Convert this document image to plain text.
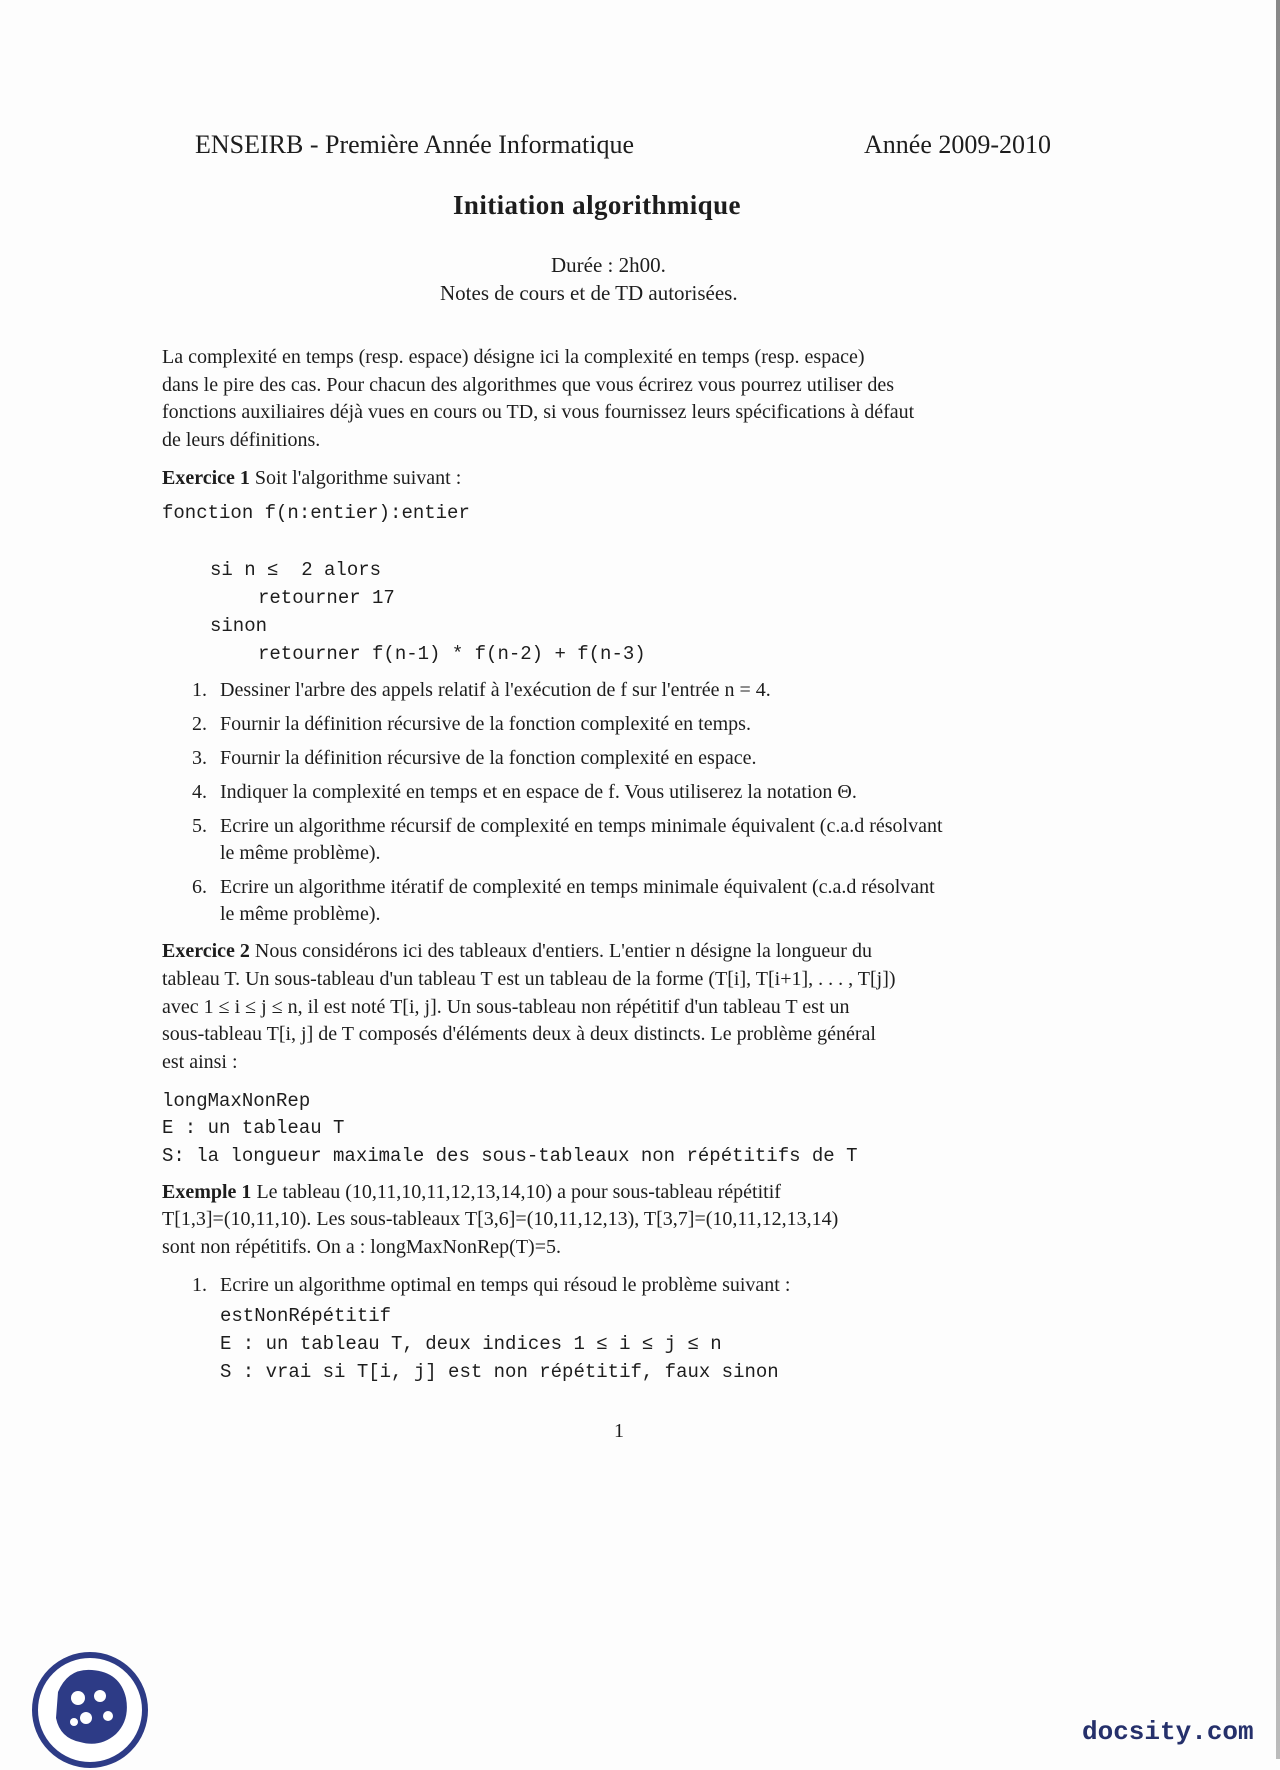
ENSEIRB - Première Année Informatique	Année 2009-2010
Initiation algorithmique
Durée : 2h00.
Notes de cours et de TD autorisées.
La complexité en temps (resp. espace) désigne ici la complexité en temps (resp. espace)
dans le pire des cas. Pour chacun des algorithmes que vous écrirez vous pourrez utiliser des
fonctions auxiliaires déjà vues en cours ou TD, si vous fournissez leurs spécifications à défaut
de leurs définitions.
Exercice 1 Soit l'algorithme suivant :
fonction f(n:entier):entier
si n ≤  2 alors
retourner 17
sinon
retourner f(n-1) * f(n-2) + f(n-3)
1. Dessiner l'arbre des appels relatif à l'exécution de f sur l'entrée n = 4.
2. Fournir la définition récursive de la fonction complexité en temps.
3. Fournir la définition récursive de la fonction complexité en espace.
4. Indiquer la complexité en temps et en espace de f. Vous utiliserez la notation Θ.
5. Ecrire un algorithme récursif de complexité en temps minimale équivalent (c.a.d résolvant
le même problème).
6. Ecrire un algorithme itératif de complexité en temps minimale équivalent (c.a.d résolvant
le même problème).
Exercice 2 Nous considérons ici des tableaux d'entiers. L'entier n désigne la longueur du
tableau T. Un sous-tableau d'un tableau T est un tableau de la forme (T[i], T[i+1], . . . , T[j])
avec 1 ≤ i ≤ j ≤ n, il est noté T[i, j]. Un sous-tableau non répétitif d'un tableau T est un
sous-tableau T[i, j] de T composés d'éléments deux à deux distincts. Le problème général
est ainsi :
longMaxNonRep
E : un tableau T
S: la longueur maximale des sous-tableaux non répétitifs de T
Exemple 1 Le tableau (10,11,10,11,12,13,14,10) a pour sous-tableau répétitif
T[1,3]=(10,11,10). Les sous-tableaux T[3,6]=(10,11,12,13), T[3,7]=(10,11,12,13,14)
sont non répétitifs. On a : longMaxNonRep(T)=5.
1. Ecrire un algorithme optimal en temps qui résoud le problème suivant :
estNonRépétitif
E : un tableau T, deux indices 1 ≤ i ≤ j ≤ n
S : vrai si T[i, j] est non répétitif, faux sinon
1
docsity.com
